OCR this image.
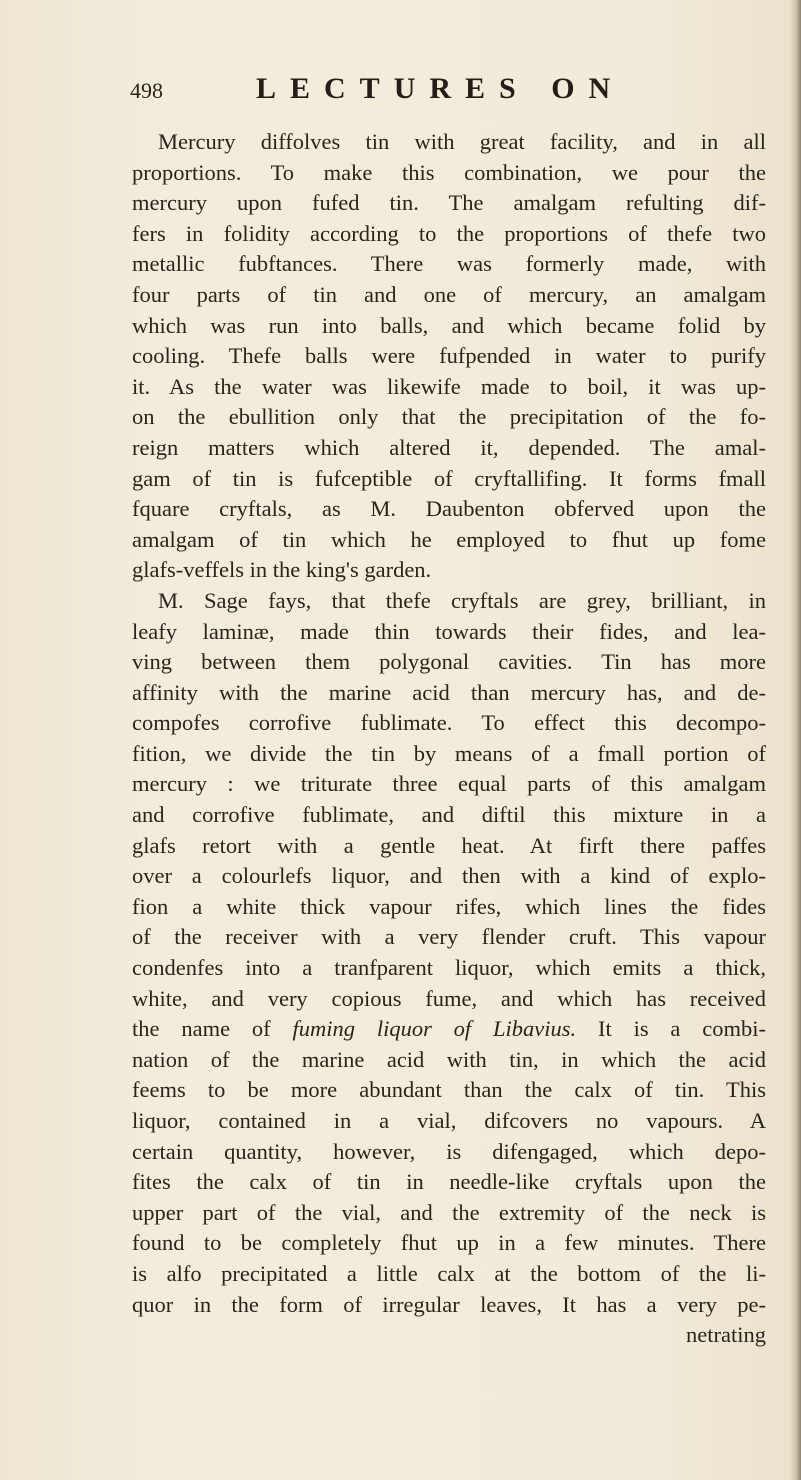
498	LECTURES ON
Mercury diffolves tin with great facility, and in all
proportions. To make this combination, we pour the
mercury upon fufed tin. The amalgam refulting dif-
fers in folidity according to the proportions of thefe two
metallic fubftances. There was formerly made, with
four parts of tin and one of mercury, an amalgam
which was run into balls, and which became folid by
cooling. Thefe balls were fufpended in water to purify
it. As the water was likewife made to boil, it was up-
on the ebullition only that the precipitation of the fo-
reign matters which altered it, depended. The amal-
gam of tin is fufceptible of cryftallifing. It forms fmall
fquare cryftals, as M. Daubenton obferved upon the
amalgam of tin which he employed to fhut up fome
glafs-veffels in the king's garden.
M. Sage fays, that thefe cryftals are grey, brilliant, in
leafy laminæ, made thin towards their fides, and lea-
ving between them polygonal cavities. Tin has more
affinity with the marine acid than mercury has, and de-
compofes corrofive fublimate. To effect this decompo-
fition, we divide the tin by means of a fmall portion of
mercury : we triturate three equal parts of this amalgam
and corrofive fublimate, and diftil this mixture in a
glafs retort with a gentle heat. At firft there paffes
over a colourlefs liquor, and then with a kind of explo-
fion a white thick vapour rifes, which lines the fides
of the receiver with a very flender cruft. This vapour
condenfes into a tranfparent liquor, which emits a thick,
white, and very copious fume, and which has received
the name of fuming liquor of Libavius. It is a combi-
nation of the marine acid with tin, in which the acid
feems to be more abundant than the calx of tin. This
liquor, contained in a vial, difcovers no vapours. A
certain quantity, however, is difengaged, which depo-
fites the calx of tin in needle-like cryftals upon the
upper part of the vial, and the extremity of the neck is
found to be completely fhut up in a few minutes. There
is alfo precipitated a little calx at the bottom of the li-
quor in the form of irregular leaves, It has a very pe-
netrating
